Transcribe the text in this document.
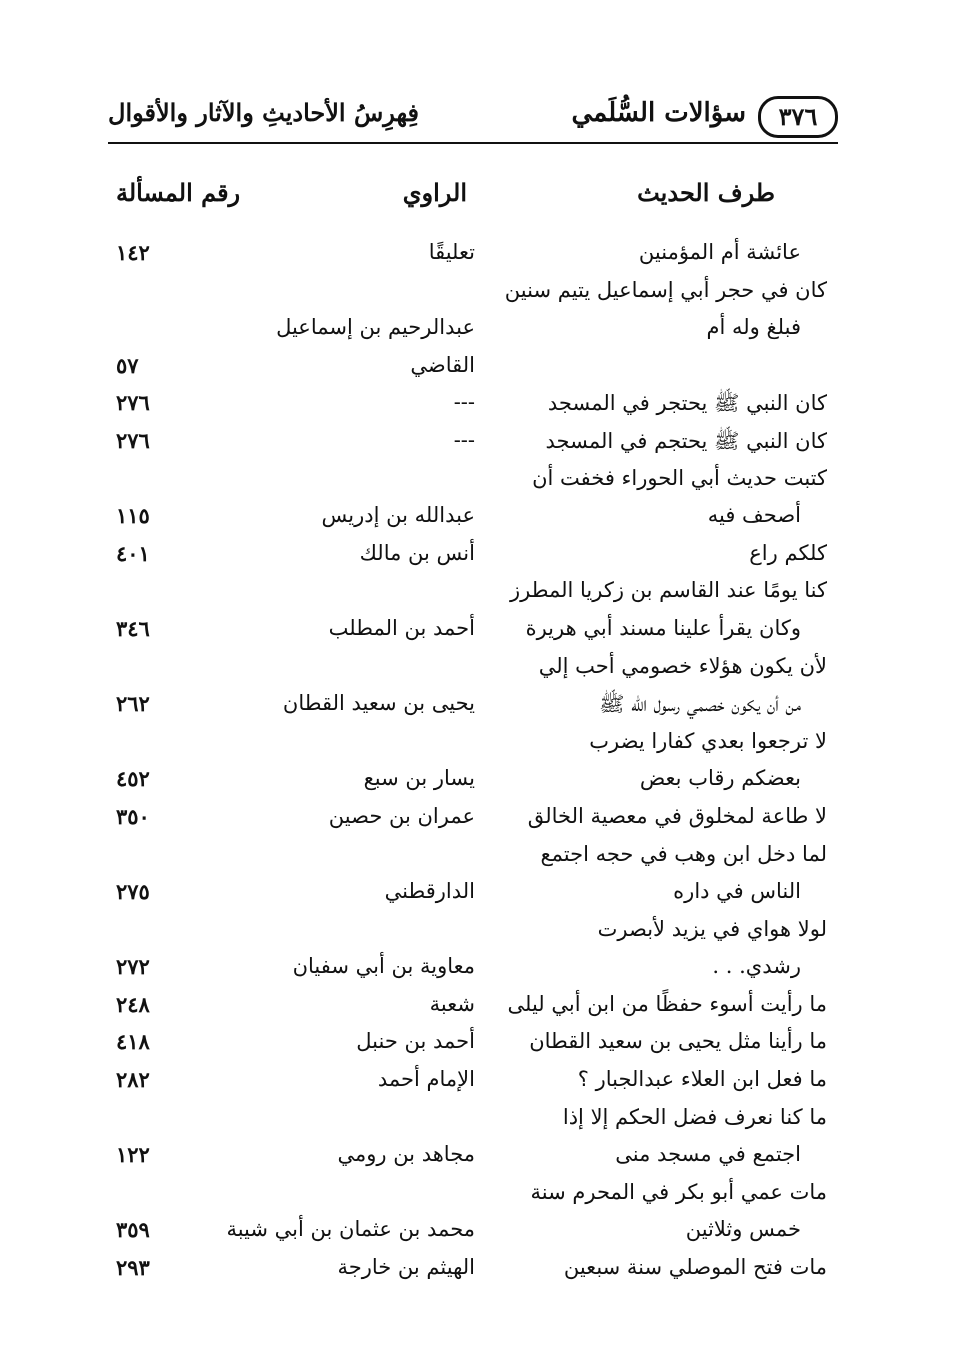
٣٧٦
سؤالات السُّلَمي
فِهرِسُ الأحاديثِ والآثار والأقوال
طرف الحديث
الراوي
رقم المسألة
عائشة أم المؤمنين
تعليقًا
١٤٢
كان في حجر أبي إسماعيل يتيم سنين
فبلغ وله أم
عبدالرحيم بن إسماعيل
القاضي
٥٧
كان النبي ﷺ يحتجر في المسجد
---
٢٧٦
كان النبي ﷺ يحتجم في المسجد
---
٢٧٦
كتبت حديث أبي الحوراء فخفت أن
أصحف فيه
عبدالله بن إدريس
١١٥
كلكم راع
أنس بن مالك
٤٠١
كنا يومًا عند القاسم بن زكريا المطرز
وكان يقرأ علينا مسند أبي هريرة
أحمد بن المطلب
٣٤٦
لأن يكون هؤلاء خصومي أحب إلي
من أن يكون خصمي رسول الله ﷺ
يحيى بن سعيد القطان
٢٦٢
لا ترجعوا بعدي كفارا يضرب
بعضكم رقاب بعض
يسار بن سبع
٤٥٢
لا طاعة لمخلوق في معصية الخالق
عمران بن حصين
٣٥٠
لما دخل ابن وهب في حجه اجتمع
الناس في داره
الدارقطني
٢٧٥
لولا هواي في يزيد لأبصرت
رشدي. . .
معاوية بن أبي سفيان
٢٧٢
ما رأيت أسوء حفظًا من ابن أبي ليلى
شعبة
٢٤٨
ما رأينا مثل يحيى بن سعيد القطان
أحمد بن حنبل
٤١٨
ما فعل ابن العلاء عبدالجبار ؟
الإمام أحمد
٢٨٢
ما كنا نعرف فضل الحكم إلا إذا
اجتمع في مسجد منى
مجاهد بن رومي
١٢٢
مات عمي أبو بكر في المحرم سنة
خمس وثلاثين
محمد بن عثمان بن أبي شيبة
٣٥٩
مات فتح الموصلي سنة سبعين
الهيثم بن خارجة
٢٩٣
